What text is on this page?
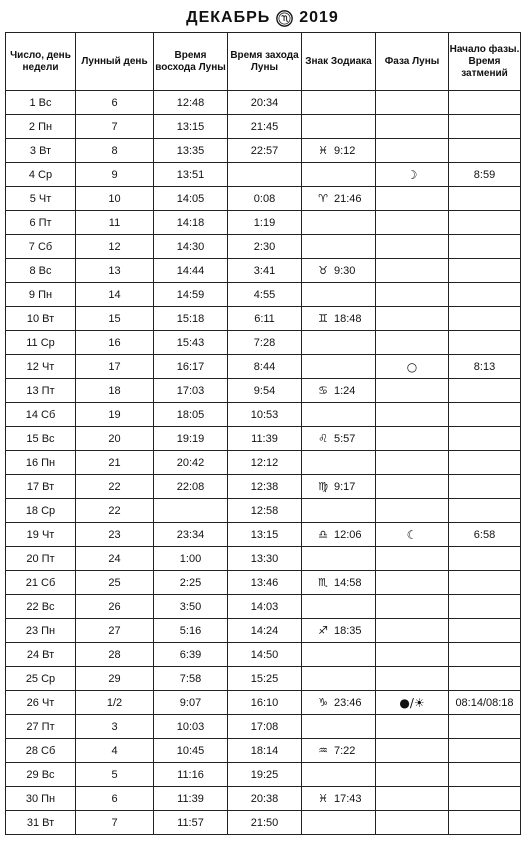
ДЕКАБРЬ 2019
Число, день недели	Лунный день	Время восхода Луны	Время захода Луны	Знак Зодиака	Фаза Луны	Начало фазы. Время затмений
1 Вс	6	12:48	20:34			
2 Пн	7	13:15	21:45			
3 Вт	8	13:35	22:57	♓ 9:12		
4 Ср	9	13:51			☽	8:59
5 Чт	10	14:05	0:08	♈ 21:46		
6 Пт	11	14:18	1:19			
7 Сб	12	14:30	2:30			
8 Вс	13	14:44	3:41	♉ 9:30		
9 Пн	14	14:59	4:55			
10 Вт	15	15:18	6:11	♊ 18:48		
11 Ср	16	15:43	7:28			
12 Чт	17	16:17	8:44		○	8:13
13 Пт	18	17:03	9:54	♋ 1:24		
14 Сб	19	18:05	10:53			
15 Вс	20	19:19	11:39	♌ 5:57		
16 Пн	21	20:42	12:12			
17 Вт	22	22:08	12:38	♍ 9:17		
18 Ср	22		12:58			
19 Чт	23	23:34	13:15	♎ 12:06	☾	6:58
20 Пт	24	1:00	13:30			
21 Сб	25	2:25	13:46	♏ 14:58		
22 Вс	26	3:50	14:03			
23 Пн	27	5:16	14:24	♐ 18:35		
24 Вт	28	6:39	14:50			
25 Ср	29	7:58	15:25			
26 Чт	1/2	9:07	16:10	♑ 23:46	●/☀	08:14/08:18
27 Пт	3	10:03	17:08			
28 Сб	4	10:45	18:14	♒ 7:22		
29 Вс	5	11:16	19:25			
30 Пн	6	11:39	20:38	♓ 17:43		
31 Вт	7	11:57	21:50			
